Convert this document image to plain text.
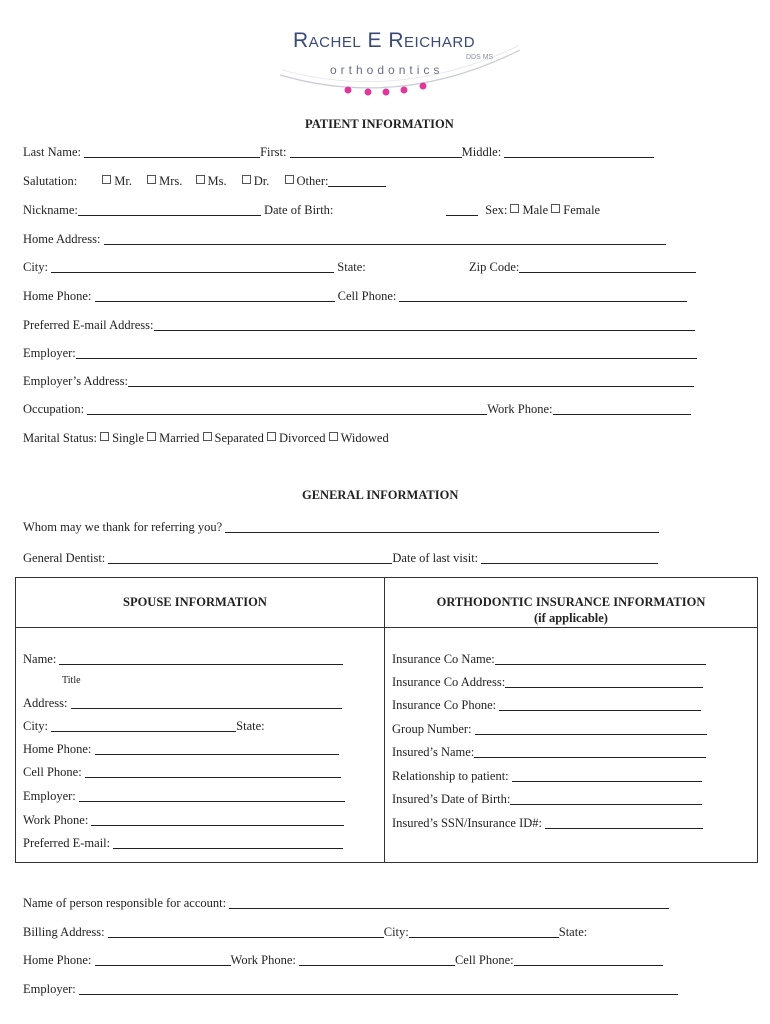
Rachel E Reichard
DDS MS
orthodontics
PATIENT INFORMATION
Last Name:	First:	Middle:
Salutation:	Mr. Mrs. Ms. Dr. Other:
Nickname:	Date of Birth:	Sex: Male Female
Home Address:
City:	State:	Zip Code:
Home Phone:	Cell Phone:
Preferred E-mail Address:
Employer:
Employer’s Address:
Occupation:	Work Phone:
Marital Status: Single Married Separated Divorced Widowed
GENERAL INFORMATION
Whom may we thank for referring you?
General Dentist:	Date of last visit:
SPOUSE INFORMATION	ORTHODONTIC INSURANCE INFORMATION
(if applicable)
Name:
Title
Address:
City:	State:
Home Phone:
Cell Phone:
Employer:
Work Phone:
Preferred E-mail:
Insurance Co Name:
Insurance Co Address:
Insurance Co Phone:
Group Number:
Insured’s Name:
Relationship to patient:
Insured’s Date of Birth:
Insured’s SSN/Insurance ID#:
Name of person responsible for account:
Billing Address:	City:	State:
Home Phone:	Work Phone:	Cell Phone:
Employer:
